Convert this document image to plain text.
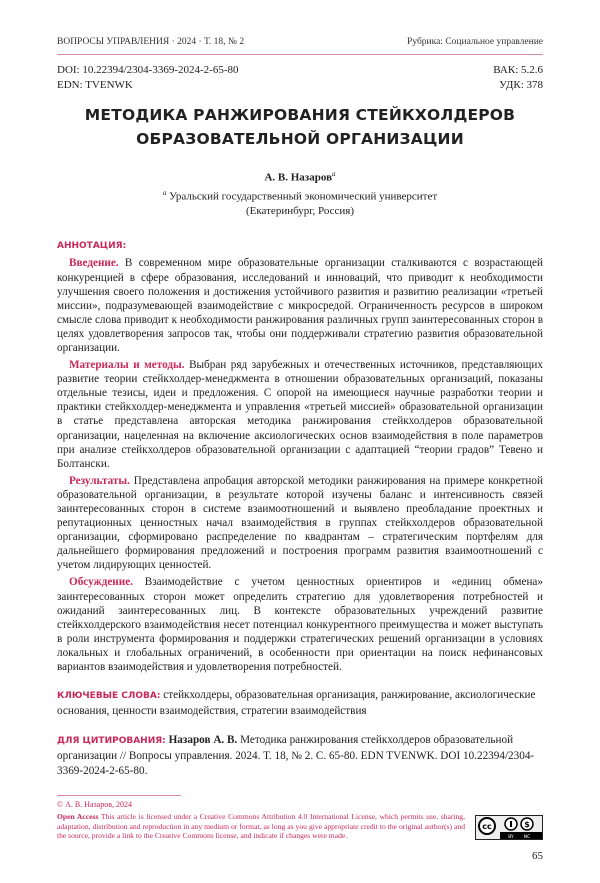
ВОПРОСЫ УПРАВЛЕНИЯ · 2024 · Т. 18, № 2	Рубрика: Социальное управление
DOI: 10.22394/2304-3369-2024-2-65-80	ВАК: 5.2.6
EDN: TVENWK	УДК: 378
МЕТОДИКА РАНЖИРОВАНИЯ СТЕЙКХОЛДЕРОВ
ОБРАЗОВАТЕЛЬНОЙ ОРГАНИЗАЦИИ
А. В. Назаровa
a Уральский государственный экономический университет
(Екатеринбург, Россия)
АННОТАЦИЯ:

Введение. В современном мире образовательные организации сталкиваются с возрастающей конкуренцией в сфере образования, исследований и инноваций, что приводит к необходимости улучшения своего положения и достижения устойчивого развития и развитию реализации «третьей миссии», подразумевающей взаимодействие с микросредой. Ограниченность ресурсов в широком смысле слова приводит к необходимости ранжирования различных групп заинтересованных сторон в целях удовлетворения запросов так, чтобы они поддерживали стратегию развития образовательной организации.

Материалы и методы. Выбран ряд зарубежных и отечественных источников, представляющих развитие теории стейкхолдер-менеджмента в отношении образовательных организаций, показаны отдельные тезисы, идеи и предложения. С опорой на имеющиеся научные разработки теории и практики стейкхолдер-менеджмента и управления «третьей миссией» образовательной организации в статье представлена авторская методика ранжирования стейкхолдеров образовательной организации, нацеленная на включение аксиологических основ взаимодействия в поле параметров при анализе стейкхолдеров образовательной организации с адаптацией “теории градов” Тевено и Болтански.

Результаты. Представлена апробация авторской методики ранжирования на примере конкретной образовательной организации, в результате которой изучены баланс и интенсивность связей заинтересованных сторон в системе взаимоотношений и выявлено преобладание проектных и репутационных ценностных начал взаимодействия в группах стейкхолдеров образовательной организации, сформировано распределение по квадрантам – стратегическим портфелям для дальнейшего формирования предложений и построения программ развития взаимоотношений с учетом лидирующих ценностей.

Обсуждение. Взаимодействие с учетом ценностных ориентиров и «единиц обмена» заинтересованных сторон может определить стратегию для удовлетворения потребностей и ожиданий заинтересованных лиц. В контексте образовательных учреждений развитие стейкхолдерского взаимодействия несет потенциал конкурентного преимущества и может выступать в роли инструмента формирования и поддержки стратегических решений организации в условиях локальных и глобальных ограничений, в особенности при ориентации на поиск нефинансовых вариантов взаимодействия и удовлетворения потребностей.

КЛЮЧЕВЫЕ СЛОВА: стейкхолдеры, образовательная организация, ранжирование, аксиологические основания, ценности взаимодействия, стратегии взаимодействия
ДЛЯ ЦИТИРОВАНИЯ: Назаров А. В. Методика ранжирования стейкхолдеров образовательной организации // Вопросы управления. 2024. Т. 18, № 2. С. 65-80. EDN TVENWK. DOI 10.22394/2304-3369-2024-2-65-80.
© А. В. Назаров, 2024
Open Access This article is licensed under a Creative Commons Attribution 4.0 International License, which permits use, sharing, adaptation, distribution and reproduction in any medium or format, as long as you give appropriate credit to the original author(s) and the source, provide a link to the Creative Commons license, and indicate if changes were made.
cc	$
BY NC
65
